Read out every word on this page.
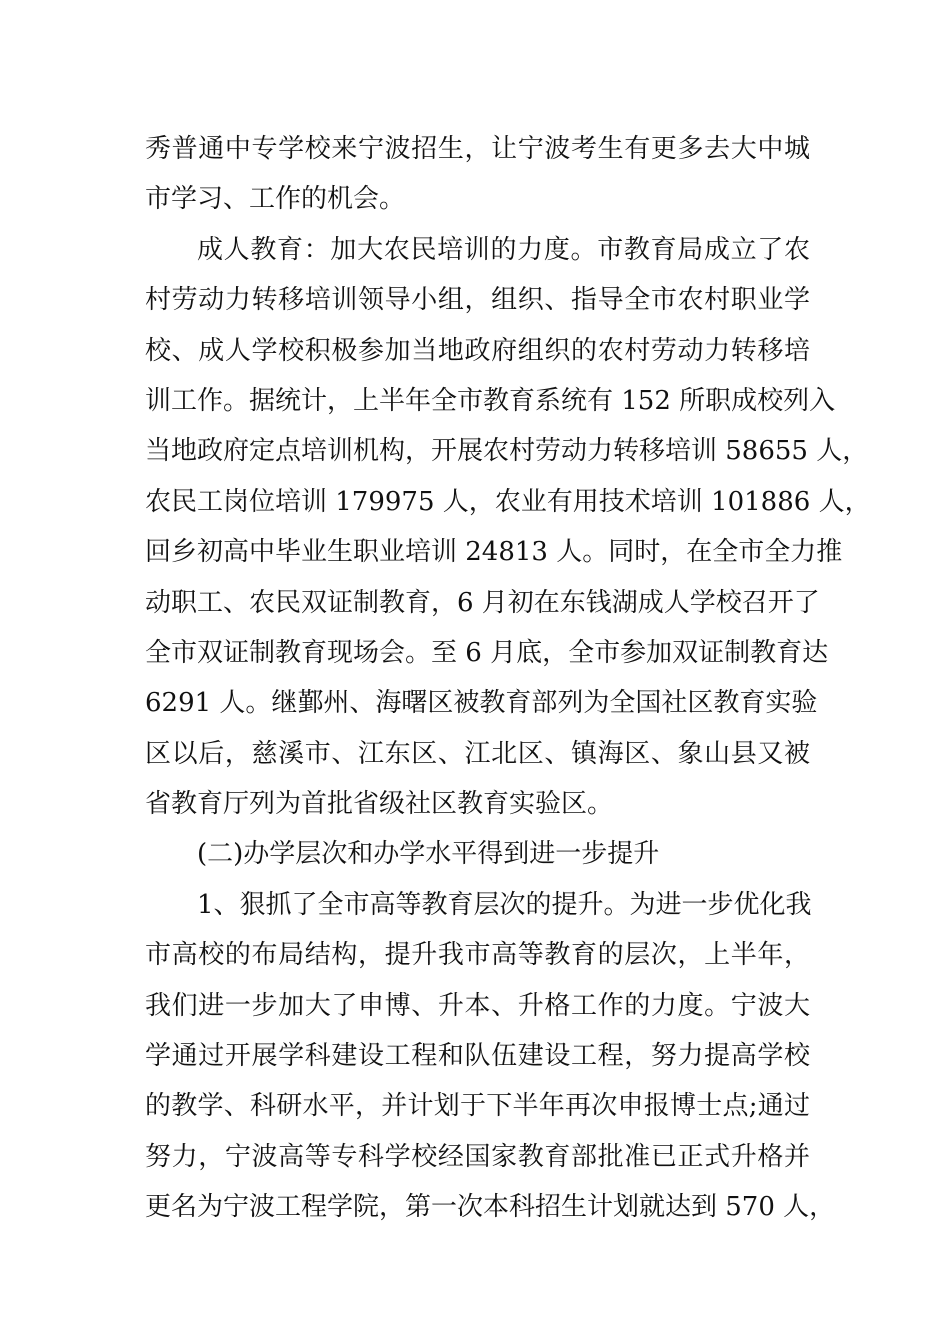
秀普通中专学校来宁波招生，让宁波考生有更多去大中城
市学习、工作的机会。
成人教育：加大农民培训的力度。市教育局成立了农
村劳动力转移培训领导小组，组织、指导全市农村职业学
校、成人学校积极参加当地政府组织的农村劳动力转移培
训工作。据统计，上半年全市教育系统有 152 所职成校列入
当地政府定点培训机构，开展农村劳动力转移培训 58655 人，
农民工岗位培训 179975 人，农业有用技术培训 101886 人，
回乡初高中毕业生职业培训 24813 人。同时，在全市全力推
动职工、农民双证制教育，6 月初在东钱湖成人学校召开了
全市双证制教育现场会。至 6 月底，全市参加双证制教育达
6291 人。继鄞州、海曙区被教育部列为全国社区教育实验
区以后，慈溪市、江东区、江北区、镇海区、象山县又被
省教育厅列为首批省级社区教育实验区。
(二)办学层次和办学水平得到进一步提升
1、狠抓了全市高等教育层次的提升。为进一步优化我
市高校的布局结构，提升我市高等教育的层次，上半年，
我们进一步加大了申博、升本、升格工作的力度。宁波大
学通过开展学科建设工程和队伍建设工程，努力提高学校
的教学、科研水平，并计划于下半年再次申报博士点;通过
努力，宁波高等专科学校经国家教育部批准已正式升格并
更名为宁波工程学院，第一次本科招生计划就达到 570 人，
